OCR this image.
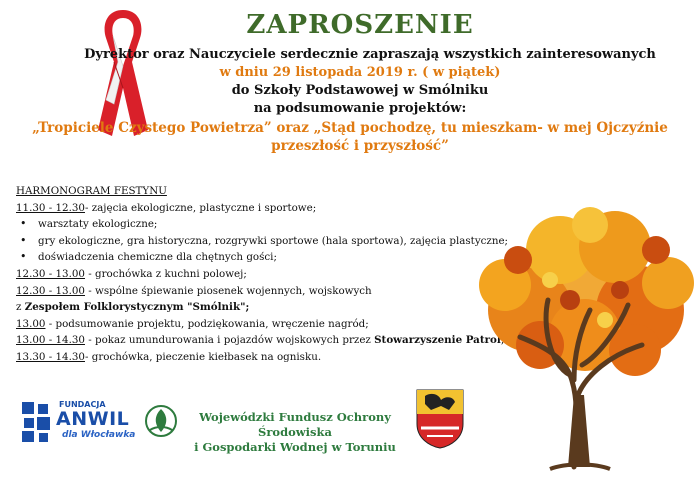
ZAPROSZENIE
Dyrektor oraz Nauczyciele serdecznie zapraszają wszystkich zainteresowanych
w dniu 29 listopada 2019 r. ( w piątek)
do Szkoły Podstawowej w Smólniku
na podsumowanie projektów:
„Tropiciele Czystego Powietrza” oraz „Stąd pochodzę, tu mieszkam- w mej Ojczyźnie
przeszłość i przyszłość”
HARMONOGRAM FESTYNU
11.30 - 12.30- zajęcia ekologiczne, plastyczne i sportowe;
• warsztaty ekologiczne;
• gry ekologiczne, gra historyczna, rozgrywki sportowe (hala sportowa), zajęcia plastyczne;
• doświadczenia chemiczne dla chętnych gości;
12.30 - 13.00 - grochówka z kuchni polowej;
12.30 - 13.00 - wspólne śpiewanie piosenek wojennych, wojskowych
z Zespołem Folklorystycznym "Smólnik";
13.00 - podsumowanie projektu, podziękowania, wręczenie nagród;
13.00 - 14.30 - pokaz umundurowania i pojazdów wojskowych przez Stowarzyszenie Patrol
13.30 - 14.30- grochówka, pieczenie kiełbasek na ognisku.
FUNDACJA
ANWIL
dla Włocławka
Wojewódzki Fundusz Ochrony Środowiska
i Gospodarki Wodnej w Toruniu
